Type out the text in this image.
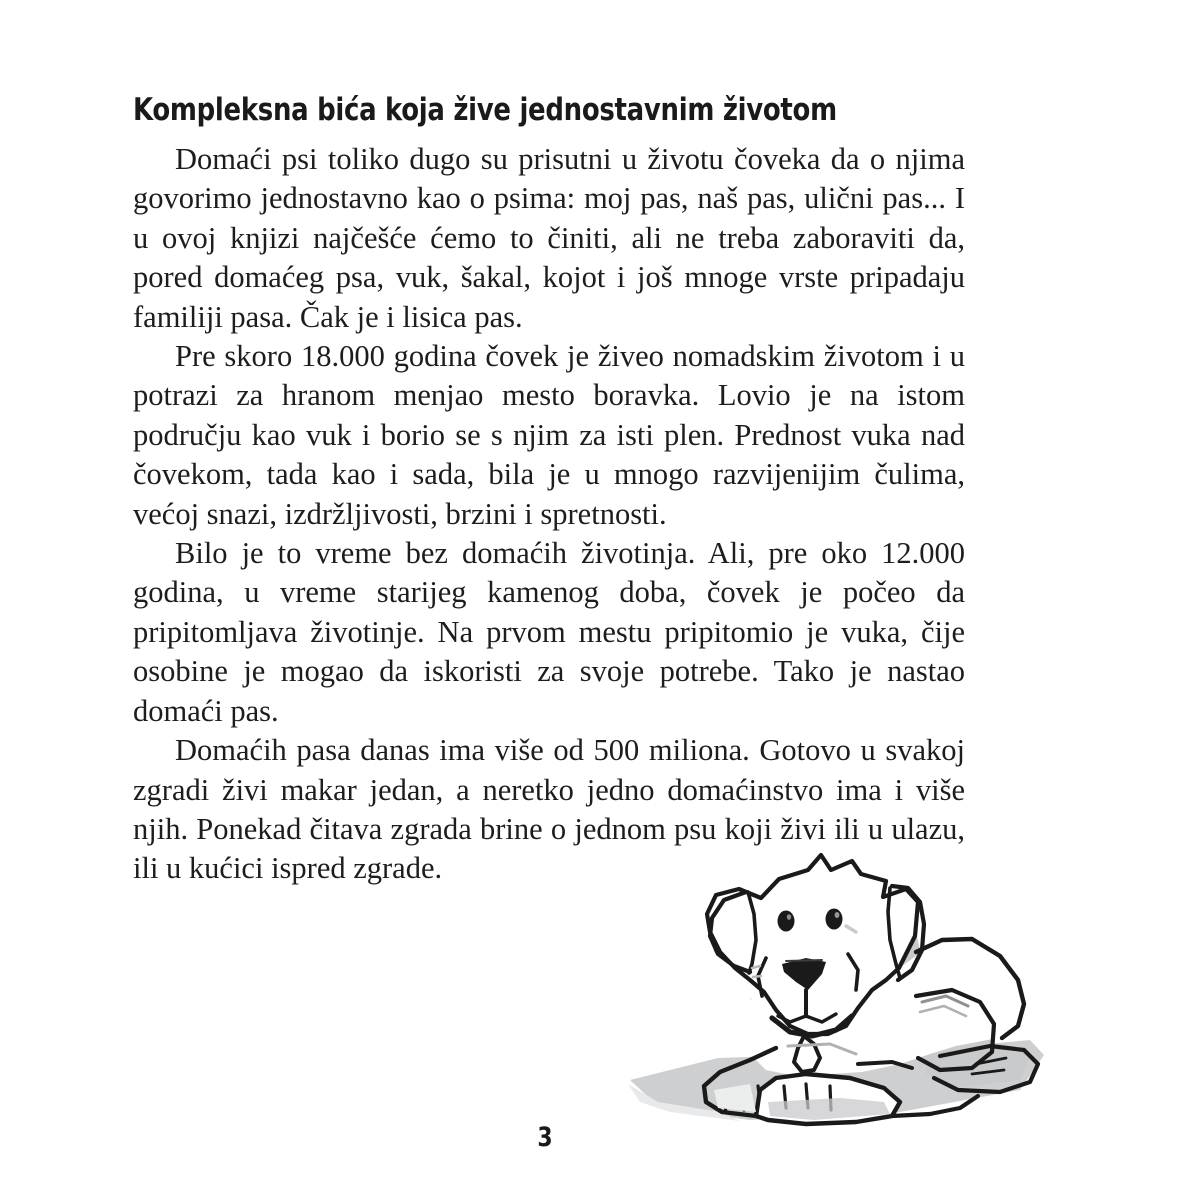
Kompleksna bića koja žive jednostavnim životom

Domaći psi toliko dugo su prisutni u životu čoveka da o njima govorimo jednostavno kao o psima: moj pas, naš pas, ulični pas... I u ovoj knjizi najčešće ćemo to činiti, ali ne treba zaboraviti da, pored domaćeg psa, vuk, šakal, kojot i još mnoge vrste pripadaju familiji pasa. Čak je i lisica pas.

Pre skoro 18.000 godina čovek je živeo nomadskim životom i u potrazi za hranom menjao mesto boravka. Lovio je na istom području kao vuk i borio se s njim za isti plen. Prednost vuka nad čovekom, tada kao i sada, bila je u mnogo razvijenijim čulima, većoj snazi, izdržljivosti, brzini i spretnosti.

Bilo je to vreme bez domaćih životinja. Ali, pre oko 12.000 godina, u vreme starijeg kamenog doba, čovek je počeo da pripitomljava životinje. Na prvom mestu pripitomio je vuka, čije osobine je mogao da iskoristi za svoje potrebe. Tako je nastao domaći pas.

Domaćih pasa danas ima više od 500 miliona. Gotovo u svakoj zgradi živi makar jedan, a neretko jedno domaćinstvo ima i više njih. Ponekad čitava zgrada brine o jednom psu koji živi ili u ulazu, ili u kućici ispred zgrade.

3
